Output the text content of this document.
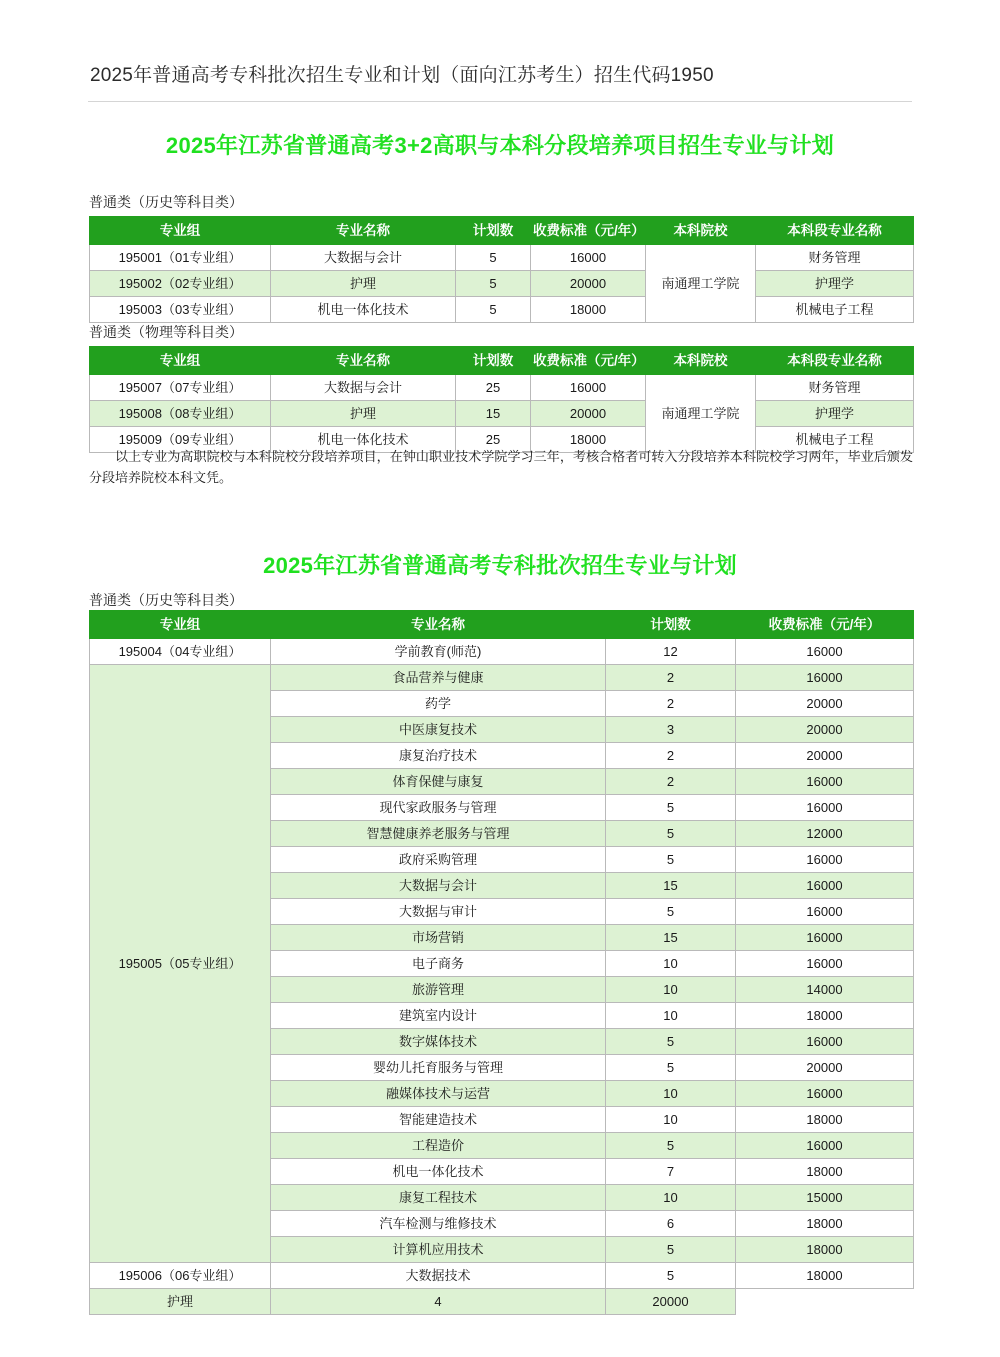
2025年普通高考专科批次招生专业和计划（面向江苏考生）招生代码1950
2025年江苏省普通高考3+2高职与本科分段培养项目招生专业与计划
普通类（历史等科目类）
专业组	专业名称	计划数	收费标准（元/年）	本科院校	本科段专业名称
195001（01专业组）	大数据与会计	5	16000	南通理工学院	财务管理
195002（02专业组）	护理	5	20000		护理学
195003（03专业组）	机电一体化技术	5	18000		机械电子工程
普通类（物理等科目类）
专业组	专业名称	计划数	收费标准（元/年）	本科院校	本科段专业名称
195007（07专业组）	大数据与会计	25	16000	南通理工学院	财务管理
195008（08专业组）	护理	15	20000		护理学
195009（09专业组）	机电一体化技术	25	18000		机械电子工程
以上专业为高职院校与本科院校分段培养项目，在钟山职业技术学院学习三年，考核合格者可转入分段培养本科院校学习两年，毕业后颁发分段培养院校本科文凭。
2025年江苏省普通高考专科批次招生专业与计划
普通类（历史等科目类）
专业组	专业名称	计划数	收费标准（元/年）
195004（04专业组）	学前教育(师范)	12	16000
195005（05专业组）	食品营养与健康	2	16000
	药学	2	20000
	中医康复技术	3	20000
	康复治疗技术	2	20000
	体育保健与康复	2	16000
	现代家政服务与管理	5	16000
	智慧健康养老服务与管理	5	12000
	政府采购管理	5	16000
	大数据与会计	15	16000
	大数据与审计	5	16000
	市场营销	15	16000
	电子商务	10	16000
	旅游管理	10	14000
	建筑室内设计	10	18000
	数字媒体技术	5	16000
	婴幼儿托育服务与管理	5	20000
	融媒体技术与运营	10	16000
	智能建造技术	10	18000
	工程造价	5	16000
	机电一体化技术	7	18000
	康复工程技术	10	15000
	汽车检测与维修技术	6	18000
	计算机应用技术	5	18000
195006（06专业组）	大数据技术	5	18000
护理	4	20000	
